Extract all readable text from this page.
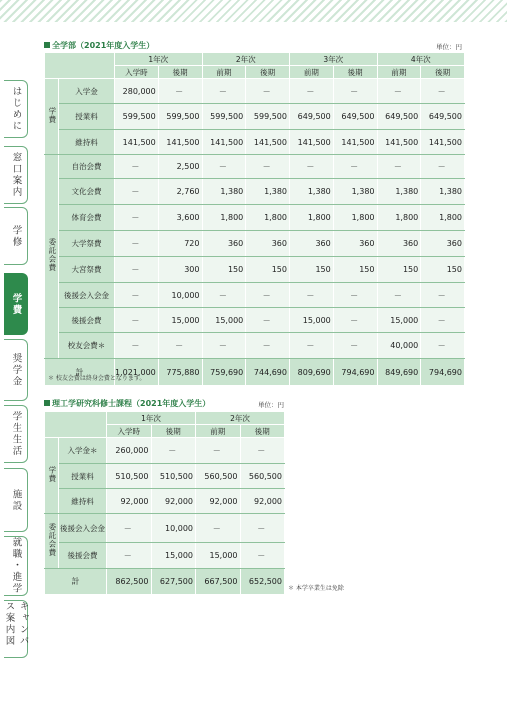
はじめに
窓口案内
学修
学費
奨学金
学生生活
施設
就職・進学
キャンパス案内図
全学部（2021年度入学生）	単位：円
		1年次		2年次		3年次		4年次	
		入学時	後期	前期	後期	前期	後期	前期	後期
学費	入学金	280,000	－	－	－	－	－	－	－
	授業料	599,500	599,500	599,500	599,500	649,500	649,500	649,500	649,500
	維持料	141,500	141,500	141,500	141,500	141,500	141,500	141,500	141,500
委託会費	自治会費	－	2,500	－	－	－	－	－	－
	文化会費	－	2,760	1,380	1,380	1,380	1,380	1,380	1,380
	体育会費	－	3,600	1,800	1,800	1,800	1,800	1,800	1,800
	大学祭費	－	720	360	360	360	360	360	360
	大宮祭費	－	300	150	150	150	150	150	150
	後援会入会金	－	10,000	－	－	－	－	－	－
	後援会費	－	15,000	15,000	－	15,000	－	15,000	－
	校友会費＊	－	－	－	－	－	－	40,000	－
計		1,021,000	775,880	759,690	744,690	809,690	794,690	849,690	794,690
＊ 校友会費は終身会費となります。
理工学研究科修士課程（2021年度入学生）	単位：円
		1年次		2年次	
		入学時	後期	前期	後期
学費	入学金＊	260,000	－	－	－
	授業料	510,500	510,500	560,500	560,500
	維持料	92,000	92,000	92,000	92,000
委託会費	後援会入会金	－	10,000	－	－
	後援会費	－	15,000	15,000	－
計		862,500	627,500	667,500	652,500
＊ 本学卒業生は免除
